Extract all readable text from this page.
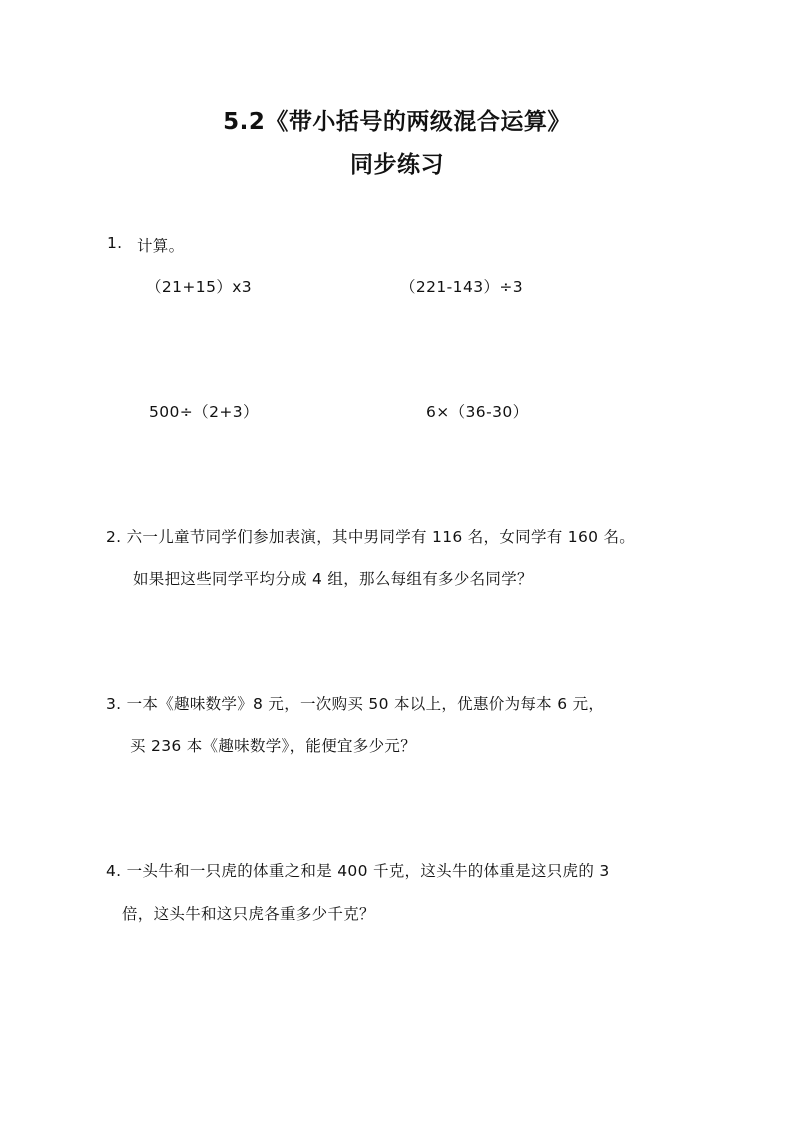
5.2《带小括号的两级混合运算》
同步练习
1. 计算。
（21+15）x3	（221-143）÷3
500÷（2+3）	6×（36-30）
2. 六一儿童节同学们参加表演，其中男同学有 116 名，女同学有 160 名。
如果把这些同学平均分成 4 组，那么每组有多少名同学？
3. 一本《趣味数学》8 元，一次购买 50 本以上，优惠价为每本 6 元，
买 236 本《趣味数学》，能便宜多少元？
4. 一头牛和一只虎的体重之和是 400 千克，这头牛的体重是这只虎的 3
倍，这头牛和这只虎各重多少千克？
